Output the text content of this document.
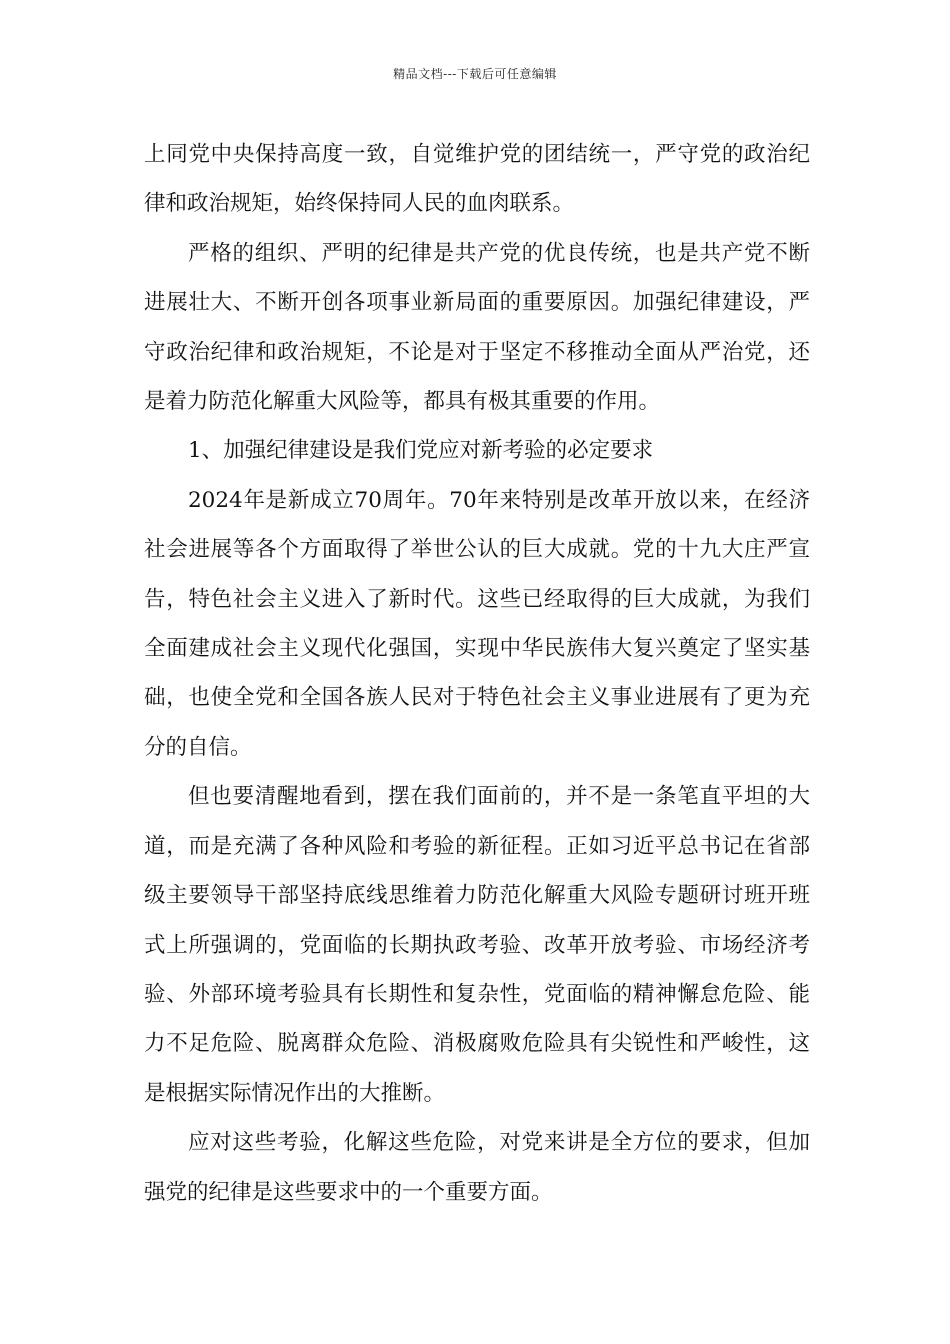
精品文档---下载后可任意编辑

上同党中央保持高度一致，自觉维护党的团结统一，严守党的政治纪律和政治规矩，始终保持同人民的血肉联系。

严格的组织、严明的纪律是共产党的优良传统，也是共产党不断进展壮大、不断开创各项事业新局面的重要原因。加强纪律建设，严守政治纪律和政治规矩，不论是对于坚定不移推动全面从严治党，还是着力防范化解重大风险等，都具有极其重要的作用。

1、加强纪律建设是我们党应对新考验的必定要求

2024年是新成立70周年。70年来特别是改革开放以来，在经济社会进展等各个方面取得了举世公认的巨大成就。党的十九大庄严宣告，特色社会主义进入了新时代。这些已经取得的巨大成就，为我们全面建成社会主义现代化强国，实现中华民族伟大复兴奠定了坚实基础，也使全党和全国各族人民对于特色社会主义事业进展有了更为充分的自信。

但也要清醒地看到，摆在我们面前的，并不是一条笔直平坦的大道，而是充满了各种风险和考验的新征程。正如习近平总书记在省部级主要领导干部坚持底线思维着力防范化解重大风险专题研讨班开班式上所强调的，党面临的长期执政考验、改革开放考验、市场经济考验、外部环境考验具有长期性和复杂性，党面临的精神懈怠危险、能力不足危险、脱离群众危险、消极腐败危险具有尖锐性和严峻性，这是根据实际情况作出的大推断。

应对这些考验，化解这些危险，对党来讲是全方位的要求，但加强党的纪律是这些要求中的一个重要方面。
